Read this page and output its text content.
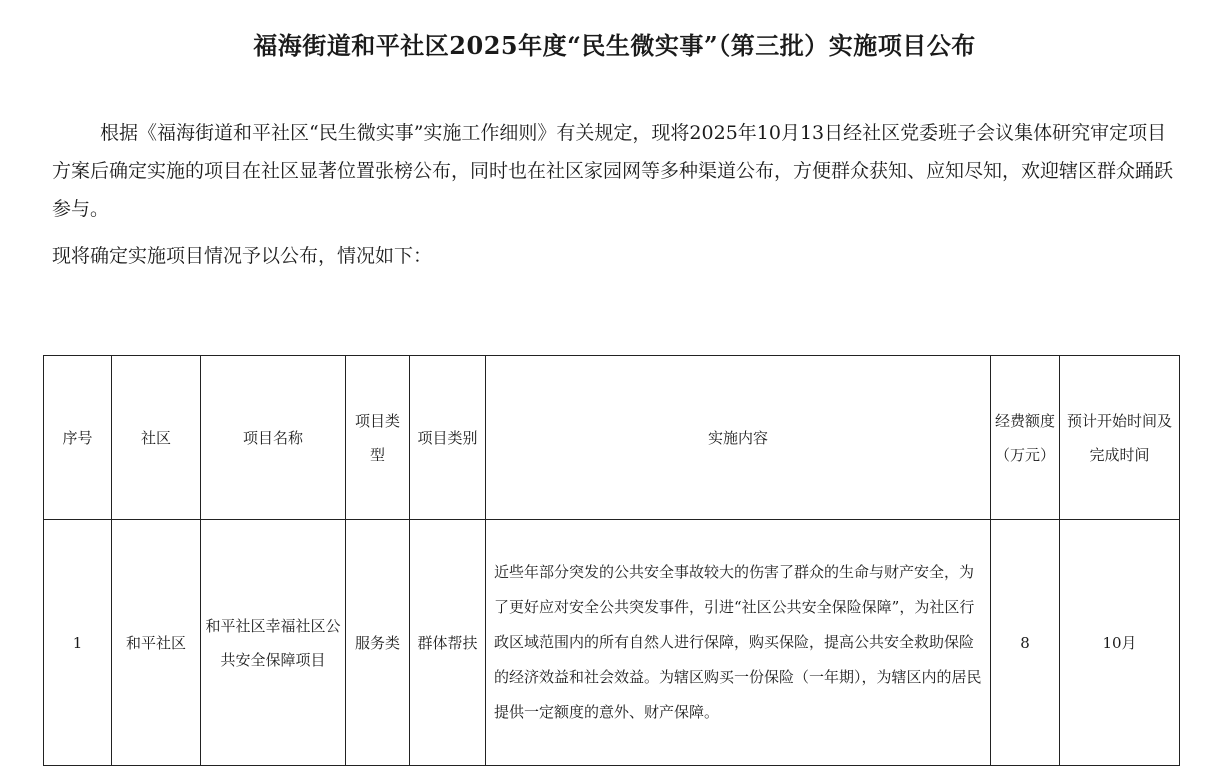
福海街道和平社区2025年度“民生微实事”（第三批）实施项目公布

根据《福海街道和平社区“民生微实事”实施工作细则》有关规定，现将2025年10月13日经社区党委班子会议集体研究审定项目方案后确定实施的项目在社区显著位置张榜公布，同时也在社区家园网等多种渠道公布，方便群众获知、应知尽知，欢迎辖区群众踊跃参与。

现将确定实施项目情况予以公布，情况如下：

序号	社区	项目名称	项目类型	项目类别	实施内容	经费额度（万元）	预计开始时间及完成时间
1	和平社区	和平社区幸福社区公共安全保障项目	服务类	群体帮扶	近些年部分突发的公共安全事故较大的伤害了群众的生命与财产安全，为了更好应对安全公共突发事件，引进“社区公共安全保险保障”，为社区行政区域范围内的所有自然人进行保障，购买保险，提高公共安全救助保险的经济效益和社会效益。为辖区购买一份保险（一年期），为辖区内的居民提供一定额度的意外、财产保障。	8	10月
